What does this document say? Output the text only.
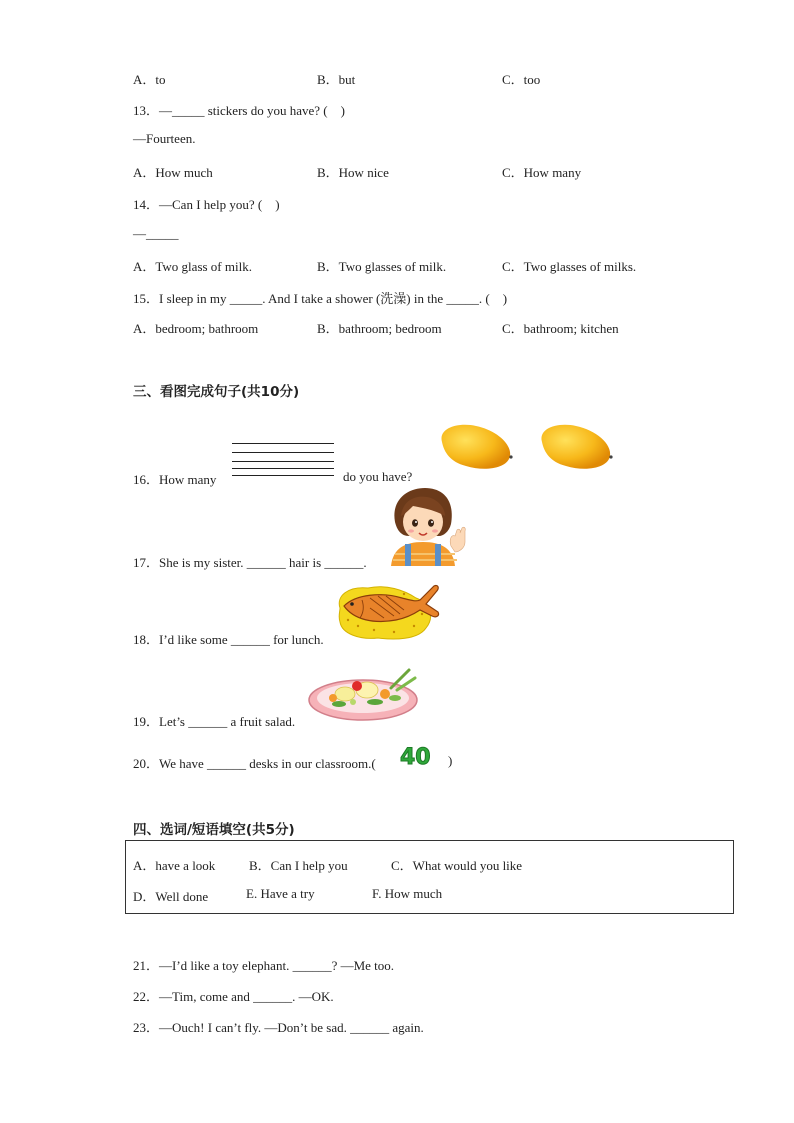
A．to	B．but	C．too
13．—_____ stickers do you have? (　)
—Fourteen.
A．How much	B．How nice	C．How many
14．—Can I help you? (　)
—_____
A．Two glass of milk.	B．Two glasses of milk.	C．Two glasses of milks.
15．I sleep in my _____. And I take a shower (洗澡) in the _____. (　)
A．bedroom; bathroom	B．bathroom; bedroom	C．bathroom; kitchen
三、看图完成句子(共10分)
16．How many	do you have?
17．She is my sister. ______ hair is ______.
18．I’d like some ______ for lunch.
19．Let’s ______ a fruit salad.
20．We have ______ desks in our classroom.( 40 )
四、选词/短语填空(共5分)
A．have a look	B．Can I help you	C．What would you like
D．Well done	E. Have a try	F. How much
21．—I’d like a toy elephant. ______? —Me too.
22．—Tim, come and ______. —OK.
23．—Ouch! I can’t fly. —Don’t be sad. ______ again.
